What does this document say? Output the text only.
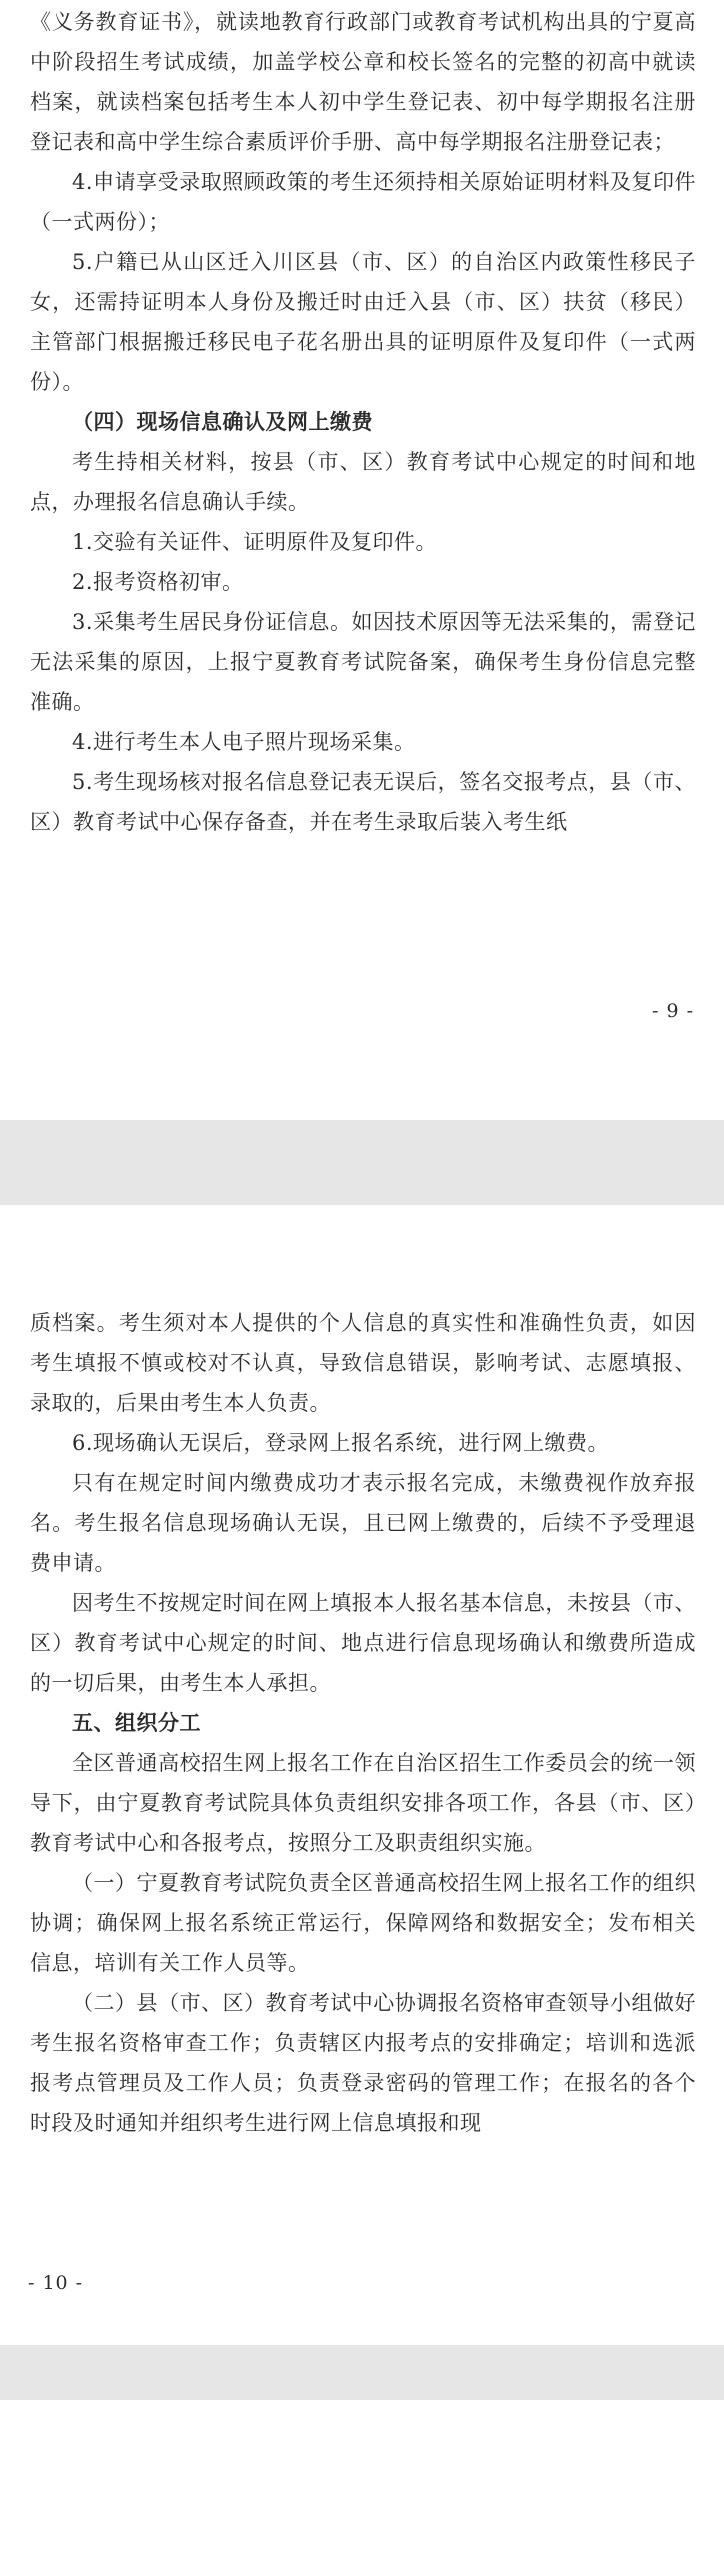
《义务教育证书》，就读地教育行政部门或教育考试机构出具的宁夏高中阶段招生考试成绩，加盖学校公章和校长签名的完整的初高中就读档案，就读档案包括考生本人初中学生登记表、初中每学期报名注册登记表和高中学生综合素质评价手册、高中每学期报名注册登记表；

4.申请享受录取照顾政策的考生还须持相关原始证明材料及复印件（一式两份）；

5.户籍已从山区迁入川区县（市、区）的自治区内政策性移民子女，还需持证明本人身份及搬迁时由迁入县（市、区）扶贫（移民）主管部门根据搬迁移民电子花名册出具的证明原件及复印件（一式两份）。

（四）现场信息确认及网上缴费

考生持相关材料，按县（市、区）教育考试中心规定的时间和地点，办理报名信息确认手续。

1.交验有关证件、证明原件及复印件。

2.报考资格初审。

3.采集考生居民身份证信息。如因技术原因等无法采集的，需登记无法采集的原因，上报宁夏教育考试院备案，确保考生身份信息完整准确。

4.进行考生本人电子照片现场采集。

5.考生现场核对报名信息登记表无误后，签名交报考点，县（市、区）教育考试中心保存备查，并在考生录取后装入考生纸

- 9 -

质档案。考生须对本人提供的个人信息的真实性和准确性负责，如因考生填报不慎或校对不认真，导致信息错误，影响考试、志愿填报、录取的，后果由考生本人负责。

6.现场确认无误后，登录网上报名系统，进行网上缴费。

只有在规定时间内缴费成功才表示报名完成，未缴费视作放弃报名。考生报名信息现场确认无误，且已网上缴费的，后续不予受理退费申请。

因考生不按规定时间在网上填报本人报名基本信息，未按县（市、区）教育考试中心规定的时间、地点进行信息现场确认和缴费所造成的一切后果，由考生本人承担。

五、组织分工

全区普通高校招生网上报名工作在自治区招生工作委员会的统一领导下，由宁夏教育考试院具体负责组织安排各项工作，各县（市、区）教育考试中心和各报考点，按照分工及职责组织实施。

（一）宁夏教育考试院负责全区普通高校招生网上报名工作的组织协调；确保网上报名系统正常运行，保障网络和数据安全；发布相关信息，培训有关工作人员等。

（二）县（市、区）教育考试中心协调报名资格审查领导小组做好考生报名资格审查工作；负责辖区内报考点的安排确定；培训和选派报考点管理员及工作人员；负责登录密码的管理工作；在报名的各个时段及时通知并组织考生进行网上信息填报和现

- 10 -
